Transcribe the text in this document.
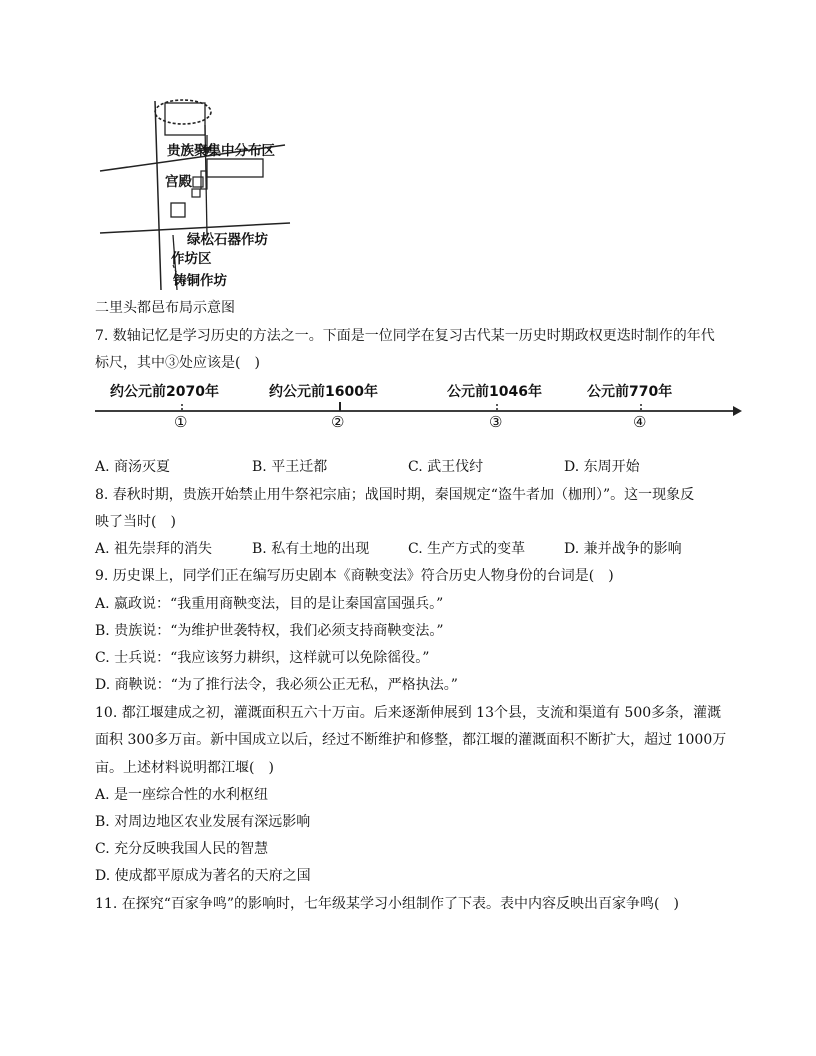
贵族聚集中分布区
宫殿
绿松石器作坊
作坊区
铸铜作坊
二里头都邑布局示意图
7. 数轴记忆是学习历史的方法之一。下面是一位同学在复习古代某一历史时期政权更迭时制作的年代
标尺，其中③处应该是(　)
约公元前2070年	约公元前1600年	公元前1046年	公元前770年
①	②	③	④
A. 商汤灭夏	B. 平王迁都	C. 武王伐纣	D. 东周开始
8. 春秋时期，贵族开始禁止用牛祭祀宗庙；战国时期，秦国规定“盗牛者加（枷刑）”。这一现象反
映了当时(　)
A. 祖先崇拜的消失	B. 私有土地的出现	C. 生产方式的变革	D. 兼并战争的影响
9. 历史课上，同学们正在编写历史剧本《商鞅变法》符合历史人物身份的台词是(　)
A. 嬴政说：“我重用商鞅变法，目的是让秦国富国强兵。”
B. 贵族说：“为维护世袭特权，我们必须支持商鞅变法。”
C. 士兵说：“我应该努力耕织，这样就可以免除徭役。”
D. 商鞅说：“为了推行法令，我必须公正无私，严格执法。”
10. 都江堰建成之初，灌溉面积五六十万亩。后来逐渐伸展到 13个县，支流和渠道有 500多条，灌溉
面积 300多万亩。新中国成立以后，经过不断维护和修整，都江堰的灌溉面积不断扩大，超过 1000万
亩。上述材料说明都江堰(　)
A. 是一座综合性的水利枢纽
B. 对周边地区农业发展有深远影响
C. 充分反映我国人民的智慧
D. 使成都平原成为著名的天府之国
11. 在探究“百家争鸣”的影响时，七年级某学习小组制作了下表。表中内容反映出百家争鸣(　)
